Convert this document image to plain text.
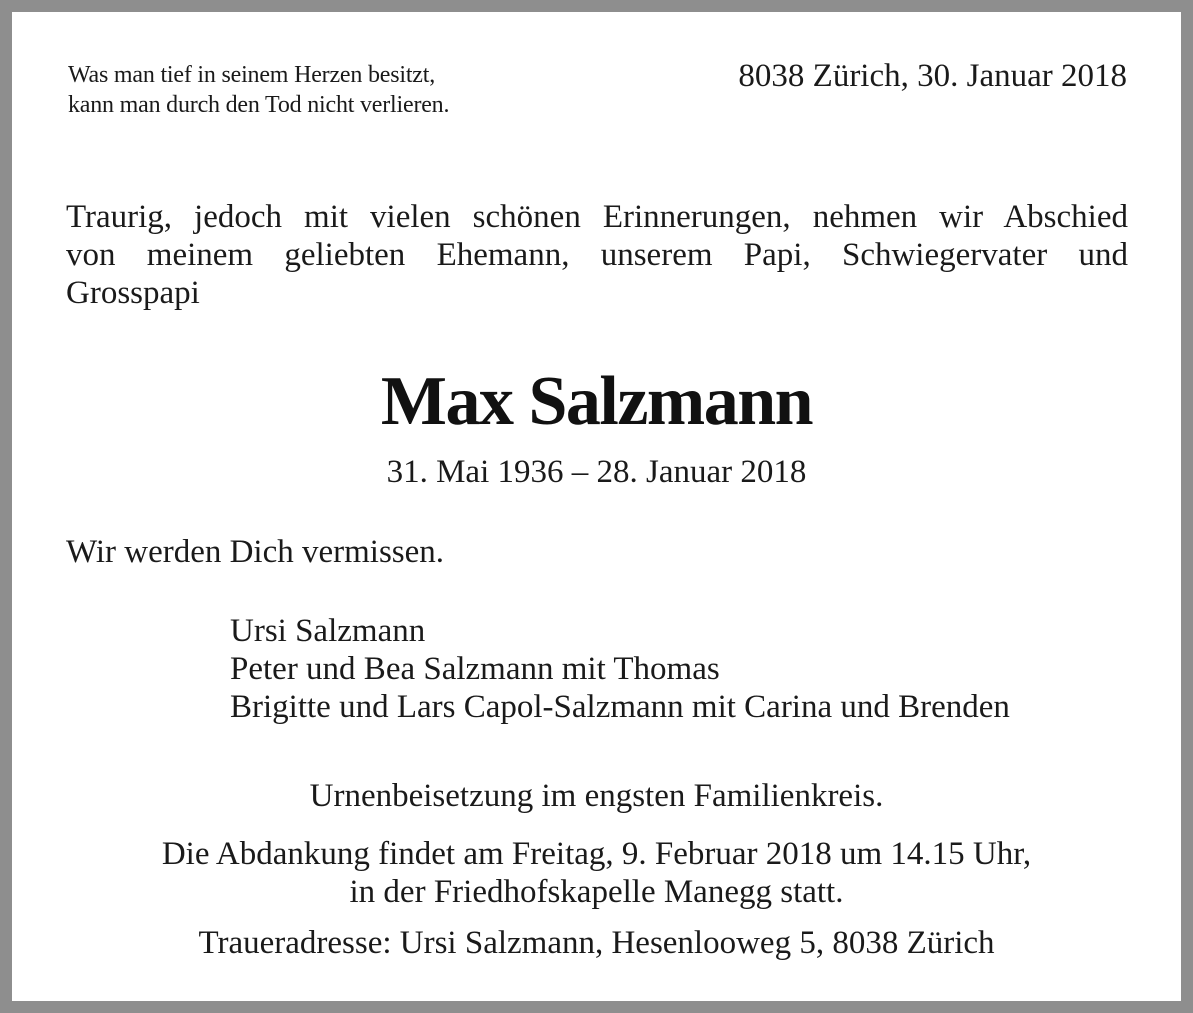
Was man tief in seinem Herzen besitzt,
kann man durch den Tod nicht verlieren.
8038 Zürich, 30. Januar 2018
Traurig, jedoch mit vielen schönen Erinnerungen, nehmen wir Abschied
von meinem geliebten Ehemann, unserem Papi, Schwiegervater und
Grosspapi
Max Salzmann
31. Mai 1936 – 28. Januar 2018
Wir werden Dich vermissen.
Ursi Salzmann
Peter und Bea Salzmann mit Thomas
Brigitte und Lars Capol-Salzmann mit Carina und Brenden
Urnenbeisetzung im engsten Familienkreis.
Die Abdankung findet am Freitag, 9. Februar 2018 um 14.15 Uhr,
in der Friedhofskapelle Manegg statt.
Traueradresse: Ursi Salzmann, Hesenlooweg 5, 8038 Zürich
